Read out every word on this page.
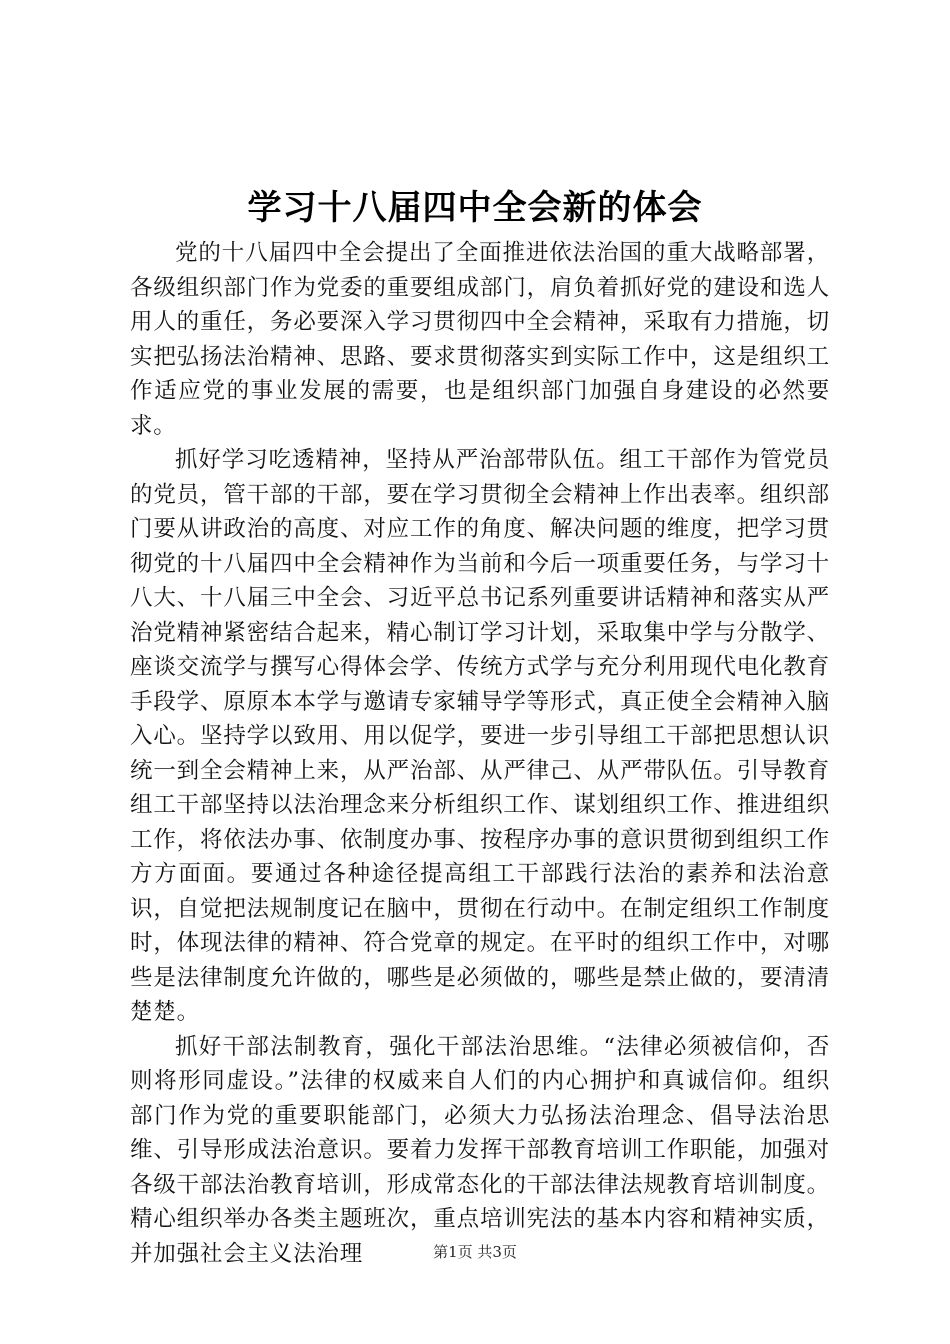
学习十八届四中全会新的体会

党的十八届四中全会提出了全面推进依法治国的重大战略部署，各级组织部门作为党委的重要组成部门，肩负着抓好党的建设和选人用人的重任，务必要深入学习贯彻四中全会精神，采取有力措施，切实把弘扬法治精神、思路、要求贯彻落实到实际工作中，这是组织工作适应党的事业发展的需要，也是组织部门加强自身建设的必然要求。

抓好学习吃透精神，坚持从严治部带队伍。组工干部作为管党员的党员，管干部的干部，要在学习贯彻全会精神上作出表率。组织部门要从讲政治的高度、对应工作的角度、解决问题的维度，把学习贯彻党的十八届四中全会精神作为当前和今后一项重要任务，与学习十八大、十八届三中全会、习近平总书记系列重要讲话精神和落实从严治党精神紧密结合起来，精心制订学习计划，采取集中学与分散学、座谈交流学与撰写心得体会学、传统方式学与充分利用现代电化教育手段学、原原本本学与邀请专家辅导学等形式，真正使全会精神入脑入心。坚持学以致用、用以促学，要进一步引导组工干部把思想认识统一到全会精神上来，从严治部、从严律己、从严带队伍。引导教育组工干部坚持以法治理念来分析组织工作、谋划组织工作、推进组织工作，将依法办事、依制度办事、按程序办事的意识贯彻到组织工作方方面面。要通过各种途径提高组工干部践行法治的素养和法治意识，自觉把法规制度记在脑中，贯彻在行动中。在制定组织工作制度时，体现法律的精神、符合党章的规定。在平时的组织工作中，对哪些是法律制度允许做的，哪些是必须做的，哪些是禁止做的，要清清楚楚。

抓好干部法制教育，强化干部法治思维。“法律必须被信仰，否则将形同虚设。”法律的权威来自人们的内心拥护和真诚信仰。组织部门作为党的重要职能部门，必须大力弘扬法治理念、倡导法治思维、引导形成法治意识。要着力发挥干部教育培训工作职能，加强对各级干部法治教育培训，形成常态化的干部法律法规教育培训制度。精心组织举办各类主题班次，重点培训宪法的基本内容和精神实质，并加强社会主义法治理	第1页 共3页
